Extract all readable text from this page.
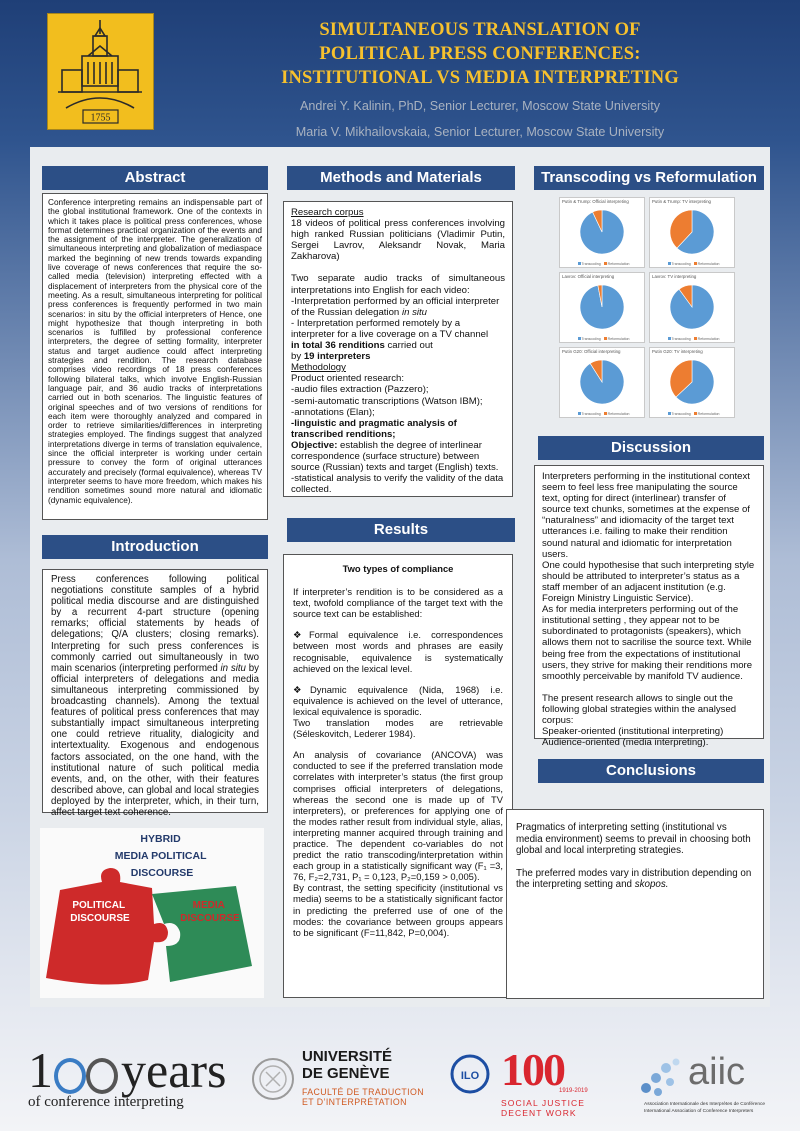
1755
SIMULTANEOUS TRANSLATION OF
POLITICAL PRESS CONFERENCES:
INSTITUTIONAL VS MEDIA INTERPRETING
Andrei Y. Kalinin, PhD, Senior Lecturer, Moscow State University
Maria V. Mikhailovskaia, Senior Lecturer, Moscow State University
Abstract
Conference interpreting remains an indispensable part of the global institutional framework. One of the contexts in which it takes place is political press conferences, whose format determines practical organization of the events and the assignment of the interpreter. The generalization of simultaneous interpreting and globalization of mediaspace marked the beginning of new trends towards expanding live coverage of news conferences that require the so-called media (television) interpreting effected with a displacement of interpreters from the physical core of the meeting. As a result, simultaneous interpreting for political press conferences is frequently performed in two main scenarios: in situ by the official interpreters of Hence, one might hypothesize that though interpreting in both scenarios is fulfilled by professional conference interpreters, the degree of setting formality, interpreter status and target audience could affect interpreting strategies and rendition. The research database comprises video recordings of 18 press conferences following bilateral talks, which involve English-Russian language pair, and 36 audio tracks of interpretations carried out in both scenarios. The linguistic features of original speeches and of two versions of renditions for each item were thoroughly analyzed and compared in order to retrieve similarities/differences in interpreting strategies employed. The findings suggest that analyzed interpretations diverge in terms of translation equivalence, since the official interpreter is working under certain pressure to convey the form of original utterances accurately and precisely (formal equivalence), whereas TV interpreter seems to have more freedom, which makes his rendition sometimes sound more natural and idiomatic (dynamic equivalence).
Introduction
Press conferences following political negotiations constitute samples of a hybrid political media discourse and are distinguished by a recurrent 4-part structure (opening remarks; official statements by heads of delegations; Q/A clusters; closing remarks). Interpreting for such press conferences is commonly carried out simultaneously in two main scenarios (interpreting performed in situ by official interpreters of delegations and media simultaneous interpreting commissioned by broadcasting channels). Among the textual features of political press conferences that may substantially impact simultaneous interpreting one could retrieve rituality, dialogicity and intertextuality. Exogenous and endogenous factors associated, on the one hand, with the institutional nature of such political media events, and, on the other, with their features described above, can global and local strategies deployed by the interpreter, which, in their turn, affect target text coherence.
HYBRID MEDIA POLITICAL DISCOURSE
POLITICAL DISCOURSE
MEDIA DISCOURSE
Methods and Materials

Research corpus

18 videos of political press conferences involving high ranked Russian politicians (Vladimir Putin, Sergei Lavrov, Aleksandr Novak, Maria Zakharova)

Two separate audio tracks of simultaneous interpretations into English for each video:

-Interpretation performed by an official interpreter of the Russian delegation in situ

- Interpretation performed remotely by a interpreter for a live coverage on a TV channel

in total 36 renditions carried out

by 19 interpreters

Methodology

Product oriented research:

-audio files extraction (Pazzero);

-semi-automatic transcriptions (Watson IBM);

-annotations (Elan);

-linguistic and pragmatic analysis of transcribed renditions;

Objective: establish the degree of interlinear correspondence (surface structure) between source (Russian) texts and target (English) texts.

-statistical analysis to verify the validity of the data collected.

Results

Two types of compliance

If interpreter’s rendition is to be considered as a text, twofold compliance of the target text with the source text can be established:

❖Formal equivalence i.e. correspondences between most words and phrases are easily recognisable, equivalence is systematically achieved on the lexical level.

❖Dynamic equivalence (Nida, 1968) i.e. equivalence is achieved on the level of utterance, lexical equivalence is sporadic.

Two translation modes are retrievable (Séleskovitch, Lederer 1984).

An analysis of covariance (ANCOVA) was conducted to see if the preferred translation mode correlates with interpreter’s status (the first group comprises official interpreters of delegations, whereas the second one is made up of TV interpreters), or preferences for applying one of the modes rather result from individual style, alias, interpreting manner acquired through training and practice. The dependent co-variables do not predict the ratio transcoding/interpretation within each group in a statistically significant way (F₁ =3, 76, F₂=2,731, P₁ = 0,123, P₂=0,159 > 0,005).

By contrast, the setting specificity (institutional vs media) seems to be a statistically significant factor in predicting the preferred use of one of the modes: the covariance between groups appears to be significant (F=11,842, P=0,004).

Transcoding vs Reformulation
Putin & Trump: Official interpreting
Transcoding Reformulation
Putin & Trump: TV interpreting
Transcoding Reformulation
Lavrov: Official interpreting
Transcoding Reformulation
Lavrov: TV interpreting
Transcoding Reformulation
Putin G20: Official interpreting
Transcoding Reformulation
Putin G20: TV interpreting
Transcoding Reformulation
Discussion

Interpreters performing in the institutional context seem to feel less free manipulating the source text, opting for direct (interlinear) transfer of source text chunks, sometimes at the expense of “naturalness” and idiomacity of the target text utterances i.e. failing to make their rendition sound natural and idiomatic for interpretation users.

One could hypothesise that such interpreting style should be attributed to interpreter’s status as a staff member of an adjacent institution (e.g. Foreign Ministry Linguistic Service).

As for media interpreters performing out of the institutional setting , they appear not to be subordinated to protagonists (speakers), which allows them not to sacrilise the source text. While being free from the expectations of institutional users, they strive for making their renditions more smoothly perceivable by manifold TV audience.

The present research allows to single out the following global strategies within the analysed corpus:

Speaker-oriented (institutional interpreting)

Audience-oriented (media interpreting).

Conclusions

Pragmatics of interpreting setting (institutional vs media environment) seems to prevail in choosing both global and local interpreting strategies.

The preferred modes vary in distribution depending on the interpreting setting and skopos.

1 years
of conference interpreting
UNIVERSITÉ
DE GENÈVE
FACULTÉ DE TRADUCTION
ET D’INTERPRÉTATION
ILO 100
1919-2019
SOCIAL JUSTICE
DECENT WORK
aiic
Association Internationale des Interprètes de Conférence
International Association of Conference Interpreters
